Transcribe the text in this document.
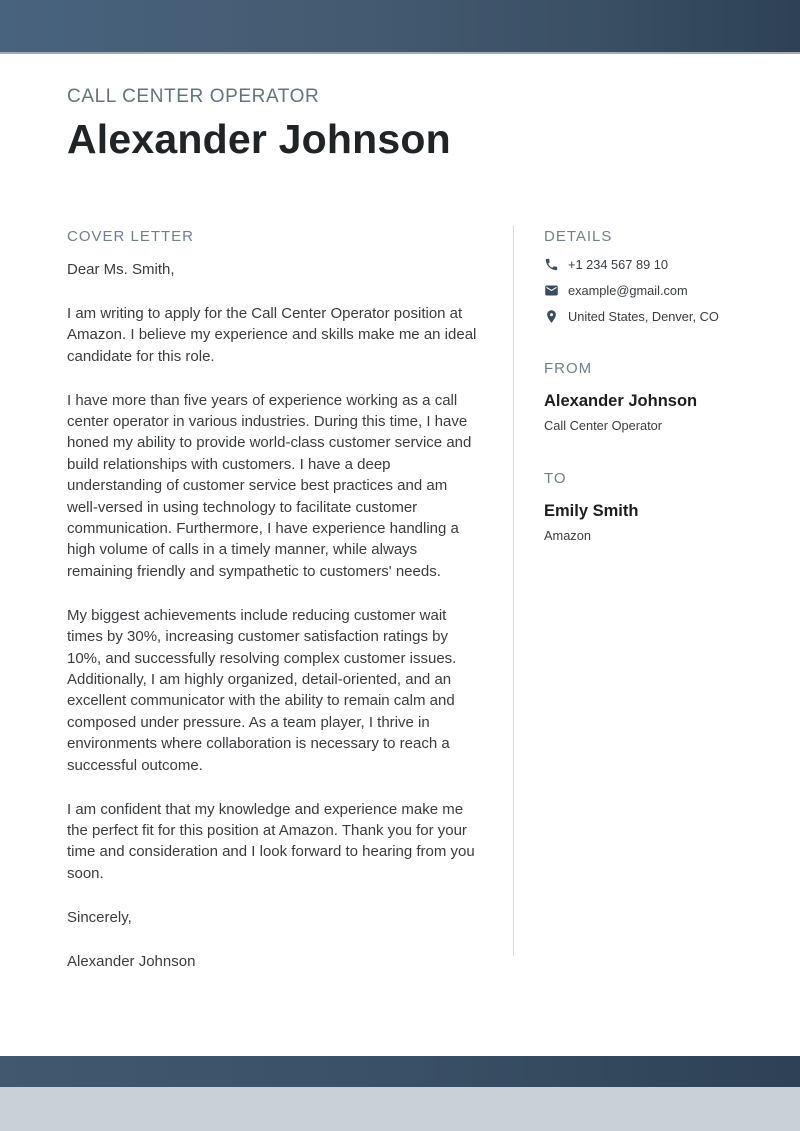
CALL CENTER OPERATOR
Alexander Johnson
COVER LETTER

Dear Ms. Smith,

I am writing to apply for the Call Center Operator position at Amazon. I believe my experience and skills make me an ideal candidate for this role.

I have more than five years of experience working as a call center operator in various industries. During this time, I have honed my ability to provide world-class customer service and build relationships with customers. I have a deep understanding of customer service best practices and am well-versed in using technology to facilitate customer communication. Furthermore, I have experience handling a high volume of calls in a timely manner, while always remaining friendly and sympathetic to customers' needs.

My biggest achievements include reducing customer wait times by 30%, increasing customer satisfaction ratings by 10%, and successfully resolving complex customer issues. Additionally, I am highly organized, detail-oriented, and an excellent communicator with the ability to remain calm and composed under pressure. As a team player, I thrive in environments where collaboration is necessary to reach a successful outcome.

I am confident that my knowledge and experience make me the perfect fit for this position at Amazon. Thank you for your time and consideration and I look forward to hearing from you soon.

Sincerely,

Alexander Johnson

DETAILS
+1 234 567 89 10
example@gmail.com
United States, Denver, CO
FROM
Alexander Johnson

Call Center Operator

TO
Emily Smith

Amazon
